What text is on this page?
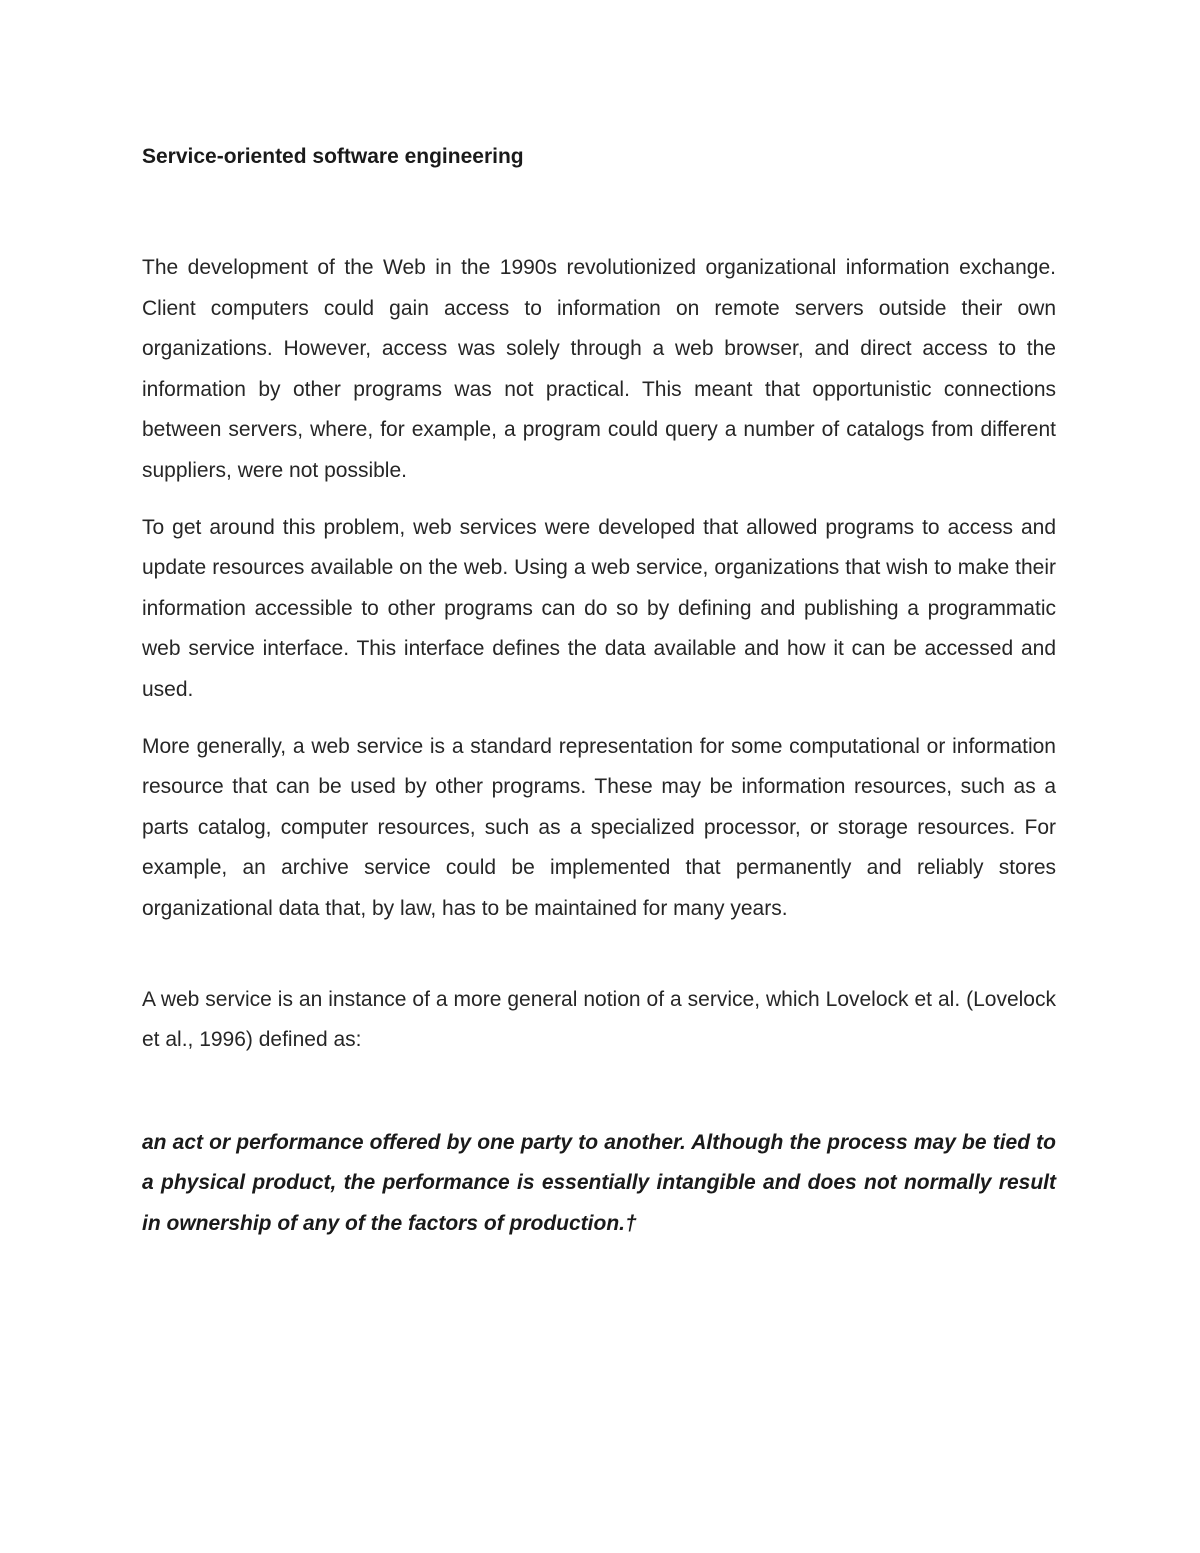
Service-oriented software engineering

The development of the Web in the 1990s revolutionized organizational information exchange. Client computers could gain access to information on remote servers outside their own organizations. However, access was solely through a web browser, and direct access to the information by other programs was not practical. This meant that opportunistic connections between servers, where, for example, a program could query a number of catalogs from different suppliers, were not possible.

To get around this problem, web services were developed that allowed programs to access and update resources available on the web. Using a web service, organizations that wish to make their information accessible to other programs can do so by defining and publishing a programmatic web service interface. This interface defines the data available and how it can be accessed and used.

More generally, a web service is a standard representation for some computational or information resource that can be used by other programs. These may be information resources, such as a parts catalog, computer resources, such as a specialized processor, or storage resources. For example, an archive service could be implemented that permanently and reliably stores organizational data that, by law, has to be maintained for many years.

A web service is an instance of a more general notion of a service, which Lovelock et al. (Lovelock et al., 1996) defined as:

an act or performance offered by one party to another. Although the process may be tied to a physical product, the performance is essentially intangible and does not normally result in ownership of any of the factors of production.†
